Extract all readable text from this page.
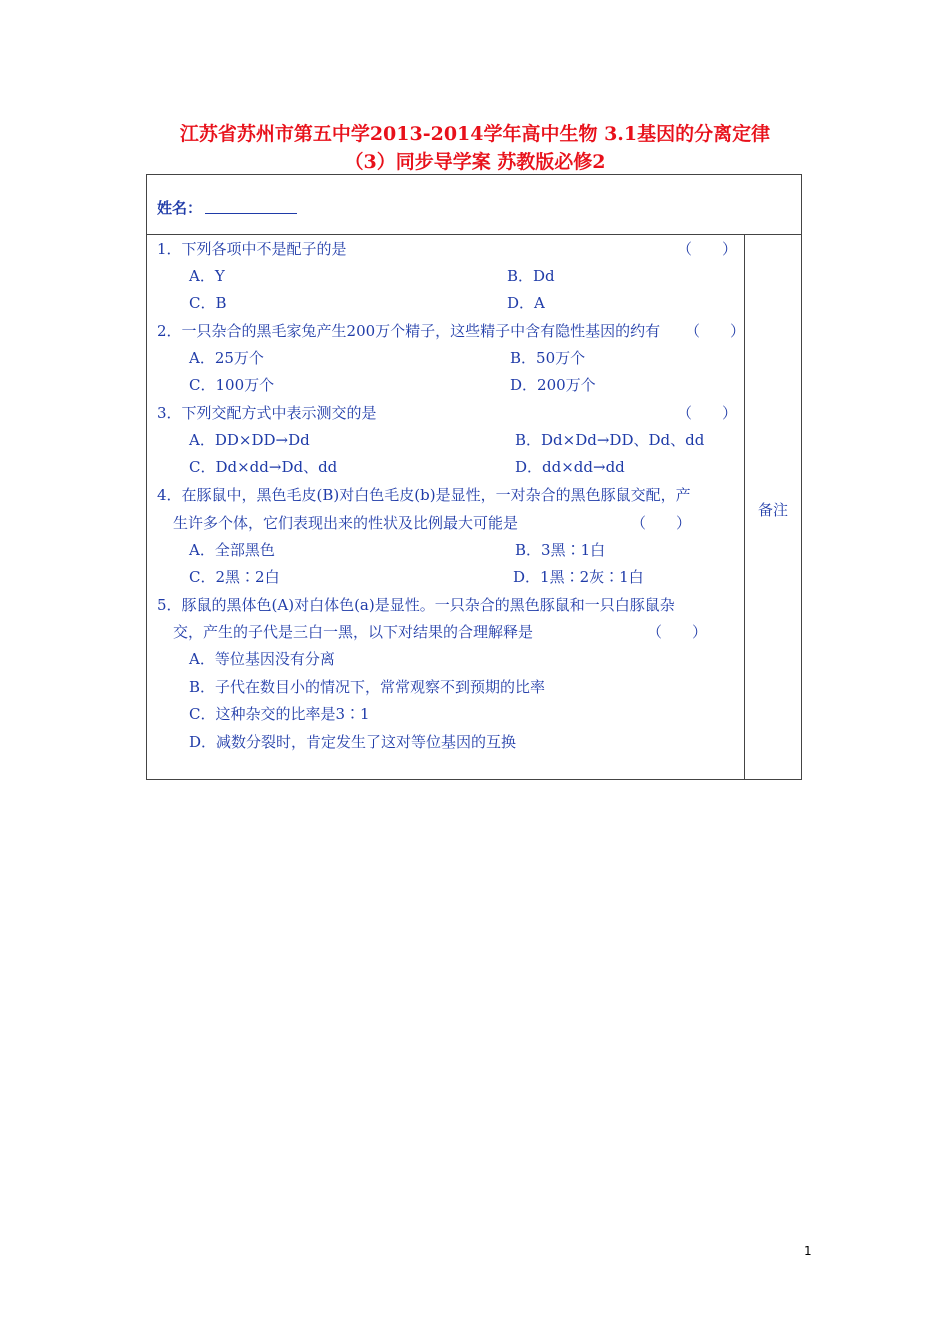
江苏省苏州市第五中学2013-2014学年高中生物 3.1基因的分离定律
（3）同步导学案 苏教版必修2
姓名：
1．下列各项中不是配子的是	（　　）
A．Y	B．Dd
C．B	D．A
2．一只杂合的黑毛家兔产生200万个精子，这些精子中含有隐性基因的约有 （　　）
A．25万个	B．50万个
C．100万个	D．200万个
3．下列交配方式中表示测交的是	（　　）
A．DD×DD→Dd	B．Dd×Dd→DD、Dd、dd
C．Dd×dd→Dd、dd	D．dd×dd→dd
4．在豚鼠中，黑色毛皮(B)对白色毛皮(b)是显性，一对杂合的黑色豚鼠交配，产
生许多个体，它们表现出来的性状及比例最大可能是	（　　）
A．全部黑色	B．3黑∶1白
C．2黑∶2白	D．1黑∶2灰∶1白
5．豚鼠的黑体色(A)对白体色(a)是显性。一只杂合的黑色豚鼠和一只白豚鼠杂
交，产生的子代是三白一黑，以下对结果的合理解释是	（　　）
A．等位基因没有分离
B．子代在数目小的情况下，常常观察不到预期的比率
C．这种杂交的比率是3∶1
D．减数分裂时，肯定发生了这对等位基因的互换
备注
1
